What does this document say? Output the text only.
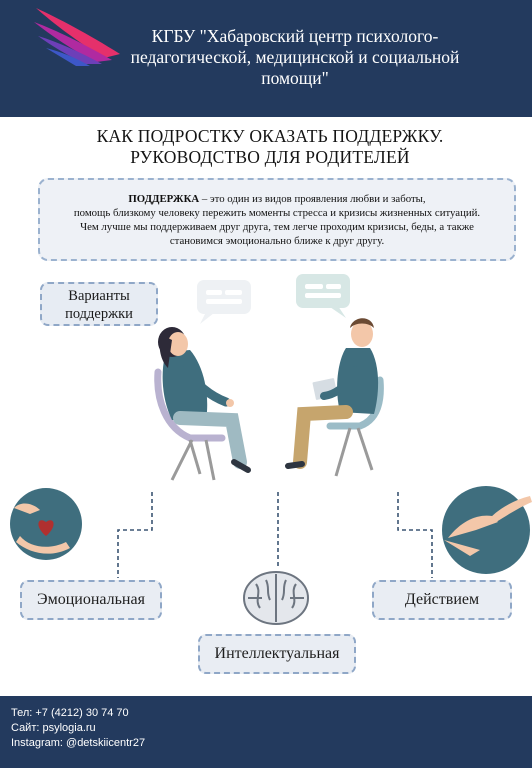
КГБУ "Хабаровский центр психолого-педагогической, медицинской и социальной помощи"
КАК ПОДРОСТКУ ОКАЗАТЬ ПОДДЕРЖКУ.
РУКОВОДСТВО ДЛЯ РОДИТЕЛЕЙ
ПОДДЕРЖКА – это один из видов проявления любви и заботы,
помощь близкому человеку пережить моменты стресса и кризисы жизненных ситуаций.
Чем лучше мы поддерживаем друг друга, тем легче проходим кризисы, беды, а также
становимся эмоционально ближе к друг другу.
Варианты
поддержки
Эмоциональная	Действием
Интеллектуальная
Тел: +7 (4212) 30 74 70
Сайт: psylogia.ru
Instagram: @detskiicentr27
